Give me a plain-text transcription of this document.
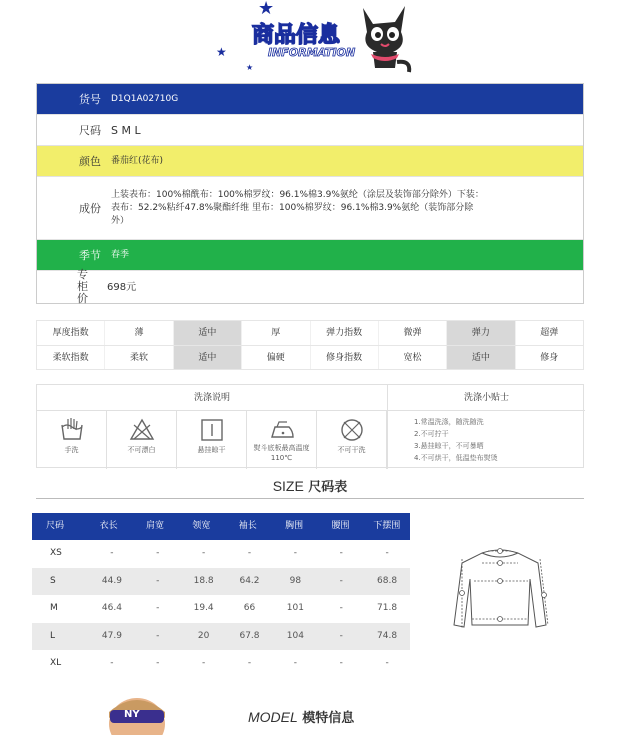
★
★
★
商品信息
INFORMATION
货号	D1Q1A02710G
尺码 S M L
颜色	番茄红(花布)
成份
上装表布：100%棉酰布：100%棉罗纹：96.1%棉3.9%氨纶（涂层及装饰部分除外）下装：表布：52.2%粘纤47.8%聚酯纤维 里布：100%棉罗纹：96.1%棉3.9%氨纶（装饰部分除外）
季节	春季
专柜价
698元
厚度指数	薄	适中	厚	弹力指数	微弹	弹力	超弹
柔软指数	柔软	适中	偏硬	修身指数	宽松	适中	修身
洗涤说明	洗涤小贴士
手洗	不可漂白	悬挂晾干	熨斗底板最高温度110℃
不可干洗
1.常温洗涤，随洗随洗
2.不可拧干
3.悬挂晾干，不可暴晒
4.不可烘干，低温垫布熨烫
SIZE 尺码表
尺码	衣长	肩宽	领宽	袖长	胸围	腰围	下摆围
XS	-	-	-	-	-	-	-
S	44.9	-	18.8	64.2	98	-	68.8
M	46.4	-	19.4	66	101	-	71.8
L	47.9	-	20	67.8	104	-	74.8
XL	-	-	-	-	-	-	-
NY	MODEL 模特信息
